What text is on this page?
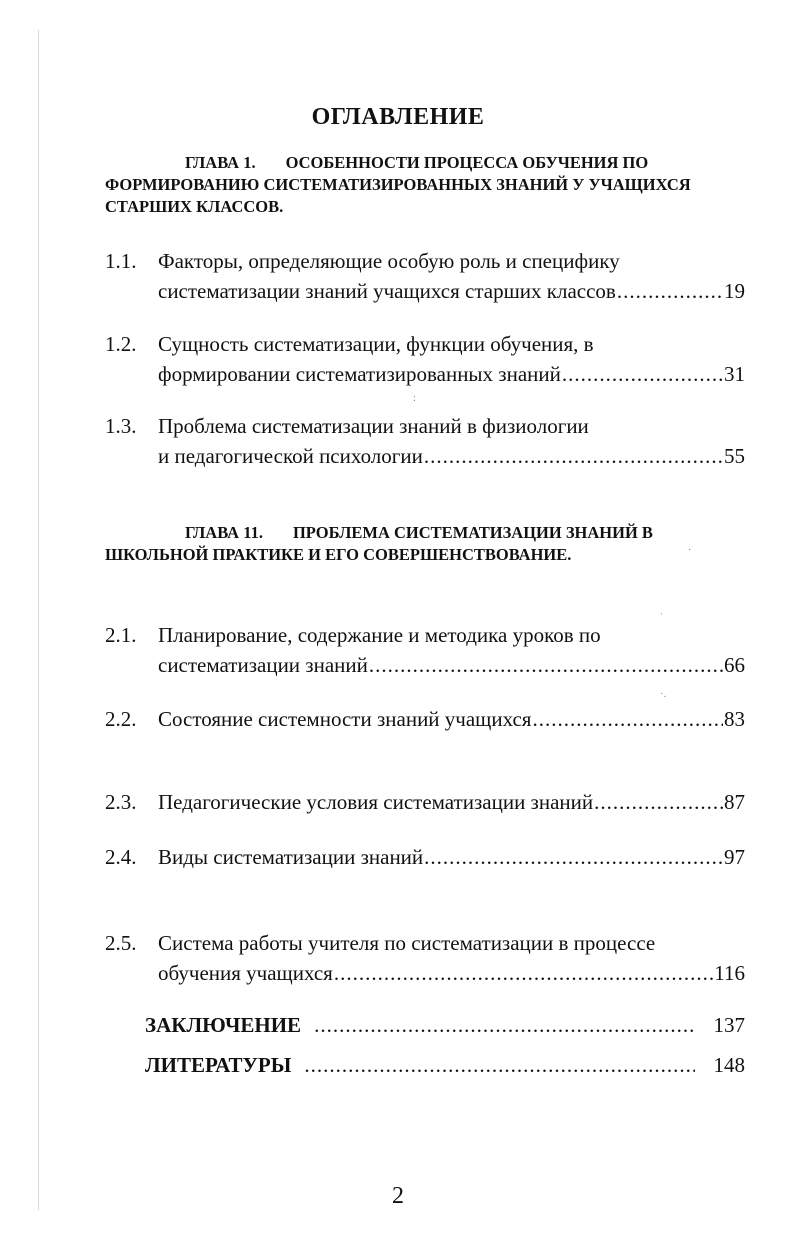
ОГЛАВЛЕНИЕ
ГЛАВА 1. ОСОБЕННОСТИ ПРОЦЕССА ОБУЧЕНИЯ ПО ФОРМИРОВАНИЮ СИСТЕМАТИЗИРОВАННЫХ ЗНАНИЙ У УЧАЩИХСЯ СТАРШИХ КЛАССОВ.
1.1. Факторы, определяющие особую роль и специфику
систематизации знаний учащихся старших классов .....	19
1.2. Сущность систематизации, функции обучения, в
формировании систематизированных знаний .....	31
1.3. Проблема систематизации знаний в физиологии
и педагогической психологии .....	55
ГЛАВА 11. ПРОБЛЕМА СИСТЕМАТИЗАЦИИ ЗНАНИЙ В ШКОЛЬНОЙ ПРАКТИКЕ И ЕГО СОВЕРШЕНСТВОВАНИЕ.
2.1. Планирование, содержание и методика уроков по
систематизации знаний .....	66
2.2. Состояние системности знаний учащихся .....	83
2.3. Педагогические условия систематизации знаний .....	87
2.4. Виды систематизации знаний .....	97
2.5. Система работы учителя по систематизации в процессе
обучения учащихся .....	116
ЗАКЛЮЧЕНИЕ .....	137
ЛИТЕРАТУРЫ .....	148
2
ˈ
˙·
·
:
